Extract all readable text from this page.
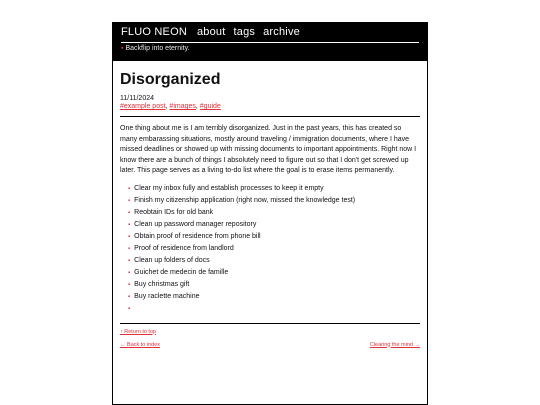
FLUO NEON about tags archive
▪ Backflip into eternity.
Disorganized

11/11/2024

#example post, #images, #guide

One thing about me is I am terribly disorganized. Just in the past years, this has created so many embarassing situations, mostly around traveling / immigration documents, where I have missed deadlines or showed up with missing documents to important appointments. Right now I know there are a bunch of things I absolutely need to figure out so that I don't get screwed up later. This page serves as a living to-do list where the goal is to erase items permanently.

▪ Clear my inbox fully and establish processes to keep it empty
▪ Finish my citizenship application (right now, missed the knowledge test)
▪ Reobtain IDs for old bank
▪ Clean up password manager repository
▪ Obtain proof of residence from phone bill
▪ Proof of residence from landlord
▪ Clean up folders of docs
▪ Guichet de medecin de famille
▪ Buy christmas gift
▪ Buy raclette machine
▪
↑ Return to top
← Back to index	Clearing the mind →
